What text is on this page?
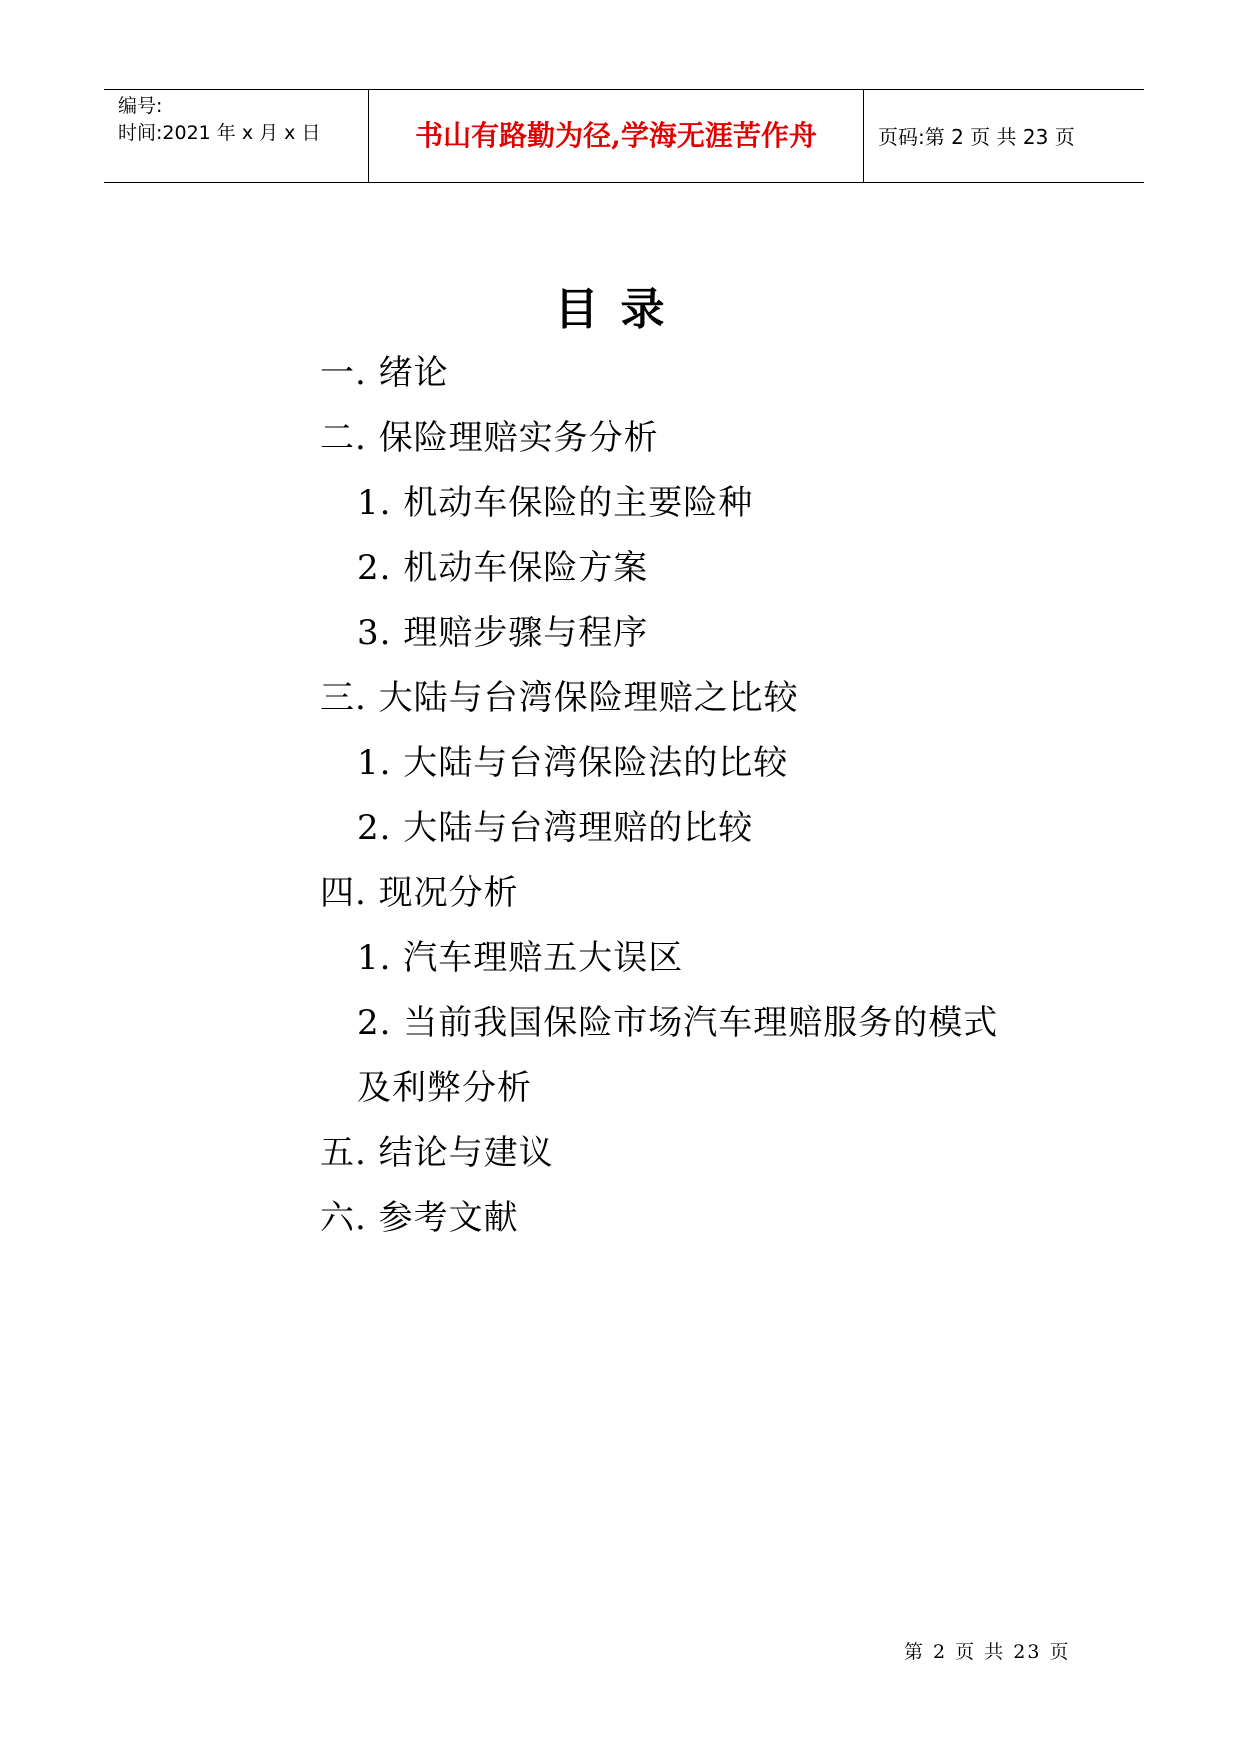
编号:
时间:2021 年 x 月 x 日	书山有路勤为径,学海无涯苦作舟	页码:第 2 页 共 23 页
目录
一. 绪论
二. 保险理赔实务分析
1. 机动车保险的主要险种
2. 机动车保险方案
3. 理赔步骤与程序
三. 大陆与台湾保险理赔之比较
1. 大陆与台湾保险法的比较
2. 大陆与台湾理赔的比较
四. 现况分析
1. 汽车理赔五大误区
2. 当前我国保险市场汽车理赔服务的模式
及利弊分析
五. 结论与建议
六. 参考文献
第 2 页 共 23 页
